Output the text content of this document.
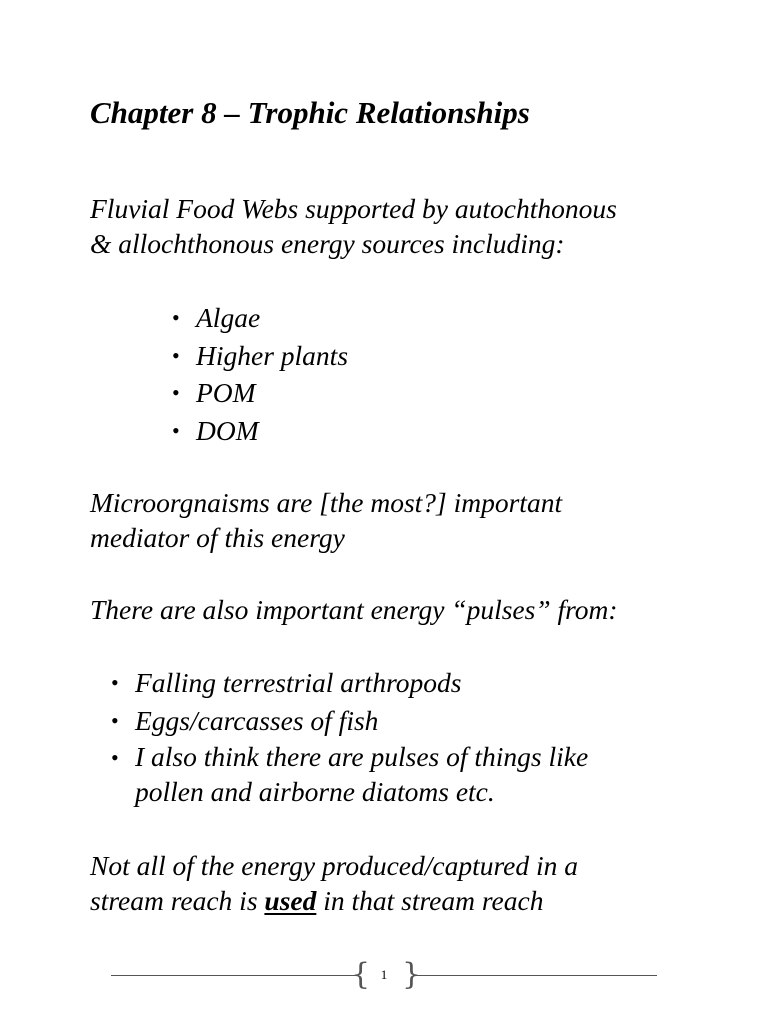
Chapter 8 – Trophic Relationships

Fluvial Food Webs supported by autochthonous
& allochthonous energy sources including:

• Algae
• Higher plants
• POM
• DOM

Microorgnaisms are [the most?] important
mediator of this energy

There are also important energy “pulses” from:

• Falling terrestrial arthropods
• Eggs/carcasses of fish
• I also think there are pulses of things like
pollen and airborne diatoms etc.

Not all of the energy produced/captured in a
stream reach is used in that stream reach

{ 1 }
